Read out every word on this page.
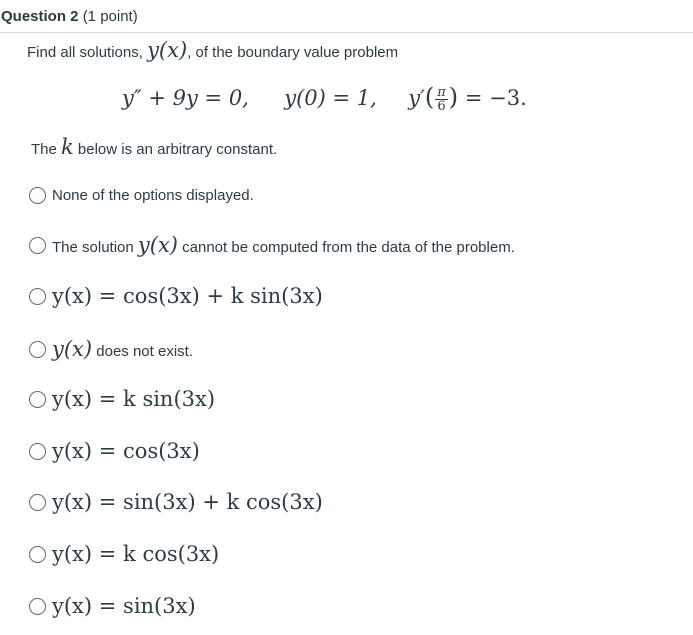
Question 2 (1 point)
Find all solutions, y(x), of the boundary value problem
y″ + 9y = 0, y(0) = 1, $y'( \frac{\pi}{6}$ ) = −3.
The k below is an arbitrary constant.
None of the options displayed.
The solution y(x) cannot be computed from the data of the problem.
y(x) = cos(3x) + k sin(3x)
y(x) does not exist.
y(x) = k sin(3x)
y(x) = cos(3x)
y(x) = sin(3x) + k cos(3x)
y(x) = k cos(3x)
y(x) = sin(3x)
